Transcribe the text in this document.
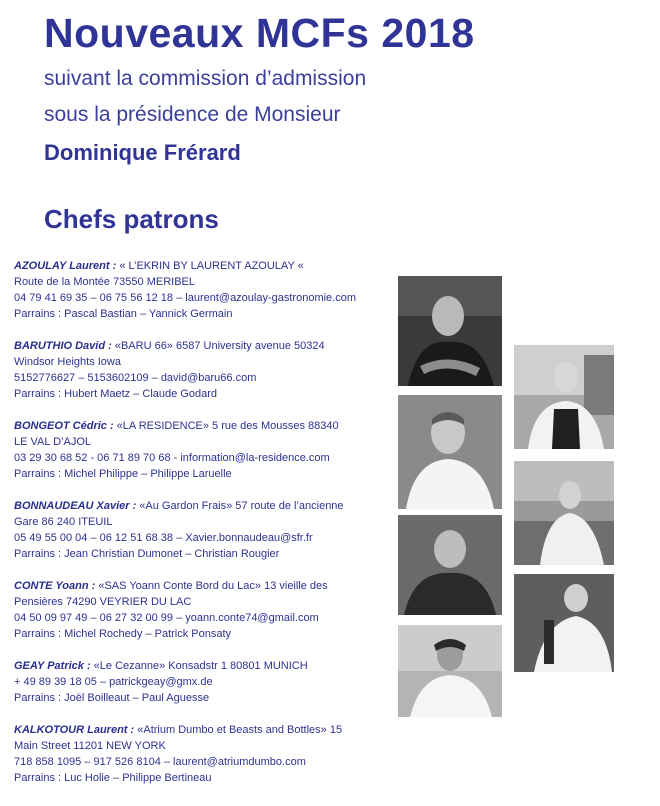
Nouveaux MCFs 2018
suivant la commission d’admission
sous la présidence de Monsieur
Dominique Frérard
Chefs patrons
AZOULAY Laurent : « L’EKRIN BY LAURENT AZOULAY «
Route de la Montée 73550 MERIBEL
04 79 41 69 35 – 06 75 56 12 18 – laurent@azoulay-gastronomie.com
Parrains : Pascal Bastian – Yannick Germain
BARUTHIO David : «BARU 66» 6587 University avenue 50324
Windsor Heights Iowa
5152776627 – 5153602109 – david@baru66.com
Parrains : Hubert Maetz – Claude Godard
BONGEOT Cédric : «LA RESIDENCE» 5 rue des Mousses 88340
LE VAL D’AJOL
03 29 30 68 52 - 06 71 89 70 68 - information@la-residence.com
Parrains : Michel Philippe – Philippe Laruelle
BONNAUDEAU Xavier : «Au Gardon Frais» 57 route de l’ancienne
Gare 86 240 ITEUIL
05 49 55 00 04 – 06 12 51 68 38 – Xavier.bonnaudeau@sfr.fr
Parrains : Jean Christian Dumonet – Christian Rougier
CONTE Yoann : «SAS Yoann Conte Bord du Lac» 13 vieille des
Pensières 74290 VEYRIER DU LAC
04 50 09 97 49 – 06 27 32 00 99 – yoann.conte74@gmail.com
Parrains : Michel Rochedy – Patrick Ponsaty
GEAY Patrick : «Le Cezanne» Konsadstr 1 80801 MUNICH
+ 49 89 39 18 05 – patrickgeay@gmx.de
Parrains : Joël Boilleaut – Paul Aguesse
KALKOTOUR Laurent : «Atrium Dumbo et Beasts and Bottles» 15
Main Street 11201 NEW YORK
718 858 1095 – 917 526 8104 – laurent@atriumdumbo.com
Parrains : Luc Holie – Philippe Bertineau
